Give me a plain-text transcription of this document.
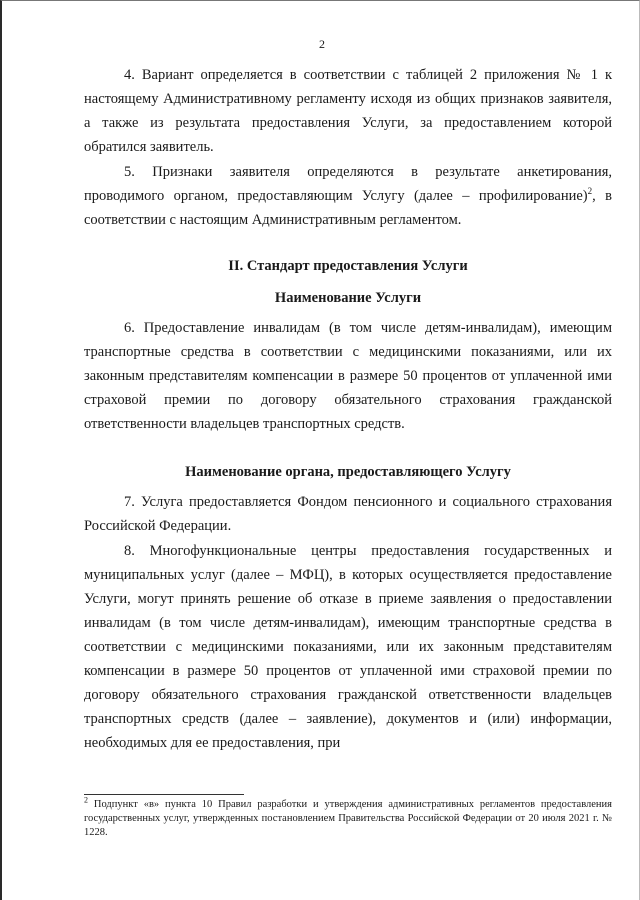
2

4. Вариант определяется в соответствии с таблицей 2 приложения № 1 к настоящему Административному регламенту исходя из общих признаков заявителя, а также из результата предоставления Услуги, за предоставлением которой обратился заявитель.

5. Признаки заявителя определяются в результате анкетирования, проводимого органом, предоставляющим Услугу (далее – профилирование)$^2$, в соответствии с настоящим Административным регламентом.

II. Стандарт предоставления Услуги
Наименование Услуги

6. Предоставление инвалидам (в том числе детям-инвалидам), имеющим транспортные средства в соответствии с медицинскими показаниями, или их законным представителям компенсации в размере 50 процентов от уплаченной ими страховой премии по договору обязательного страхования гражданской ответственности владельцев транспортных средств.

Наименование органа, предоставляющего Услугу

7. Услуга предоставляется Фондом пенсионного и социального страхования Российской Федерации.

8. Многофункциональные центры предоставления государственных и муниципальных услуг (далее – МФЦ), в которых осуществляется предоставление Услуги, могут принять решение об отказе в приеме заявления о предоставлении инвалидам (в том числе детям-инвалидам), имеющим транспортные средства в соответствии с медицинскими показаниями, или их законным представителям компенсации в размере 50 процентов от уплаченной ими страховой премии по договору обязательного страхования гражданской ответственности владельцев транспортных средств (далее – заявление), документов и (или) информации, необходимых для ее предоставления, при

$^2$ Подпункт «в» пункта 10 Правил разработки и утверждения административных регламентов предоставления государственных услуг, утвержденных постановлением Правительства Российской Федерации от 20 июля 2021 г. № 1228.
